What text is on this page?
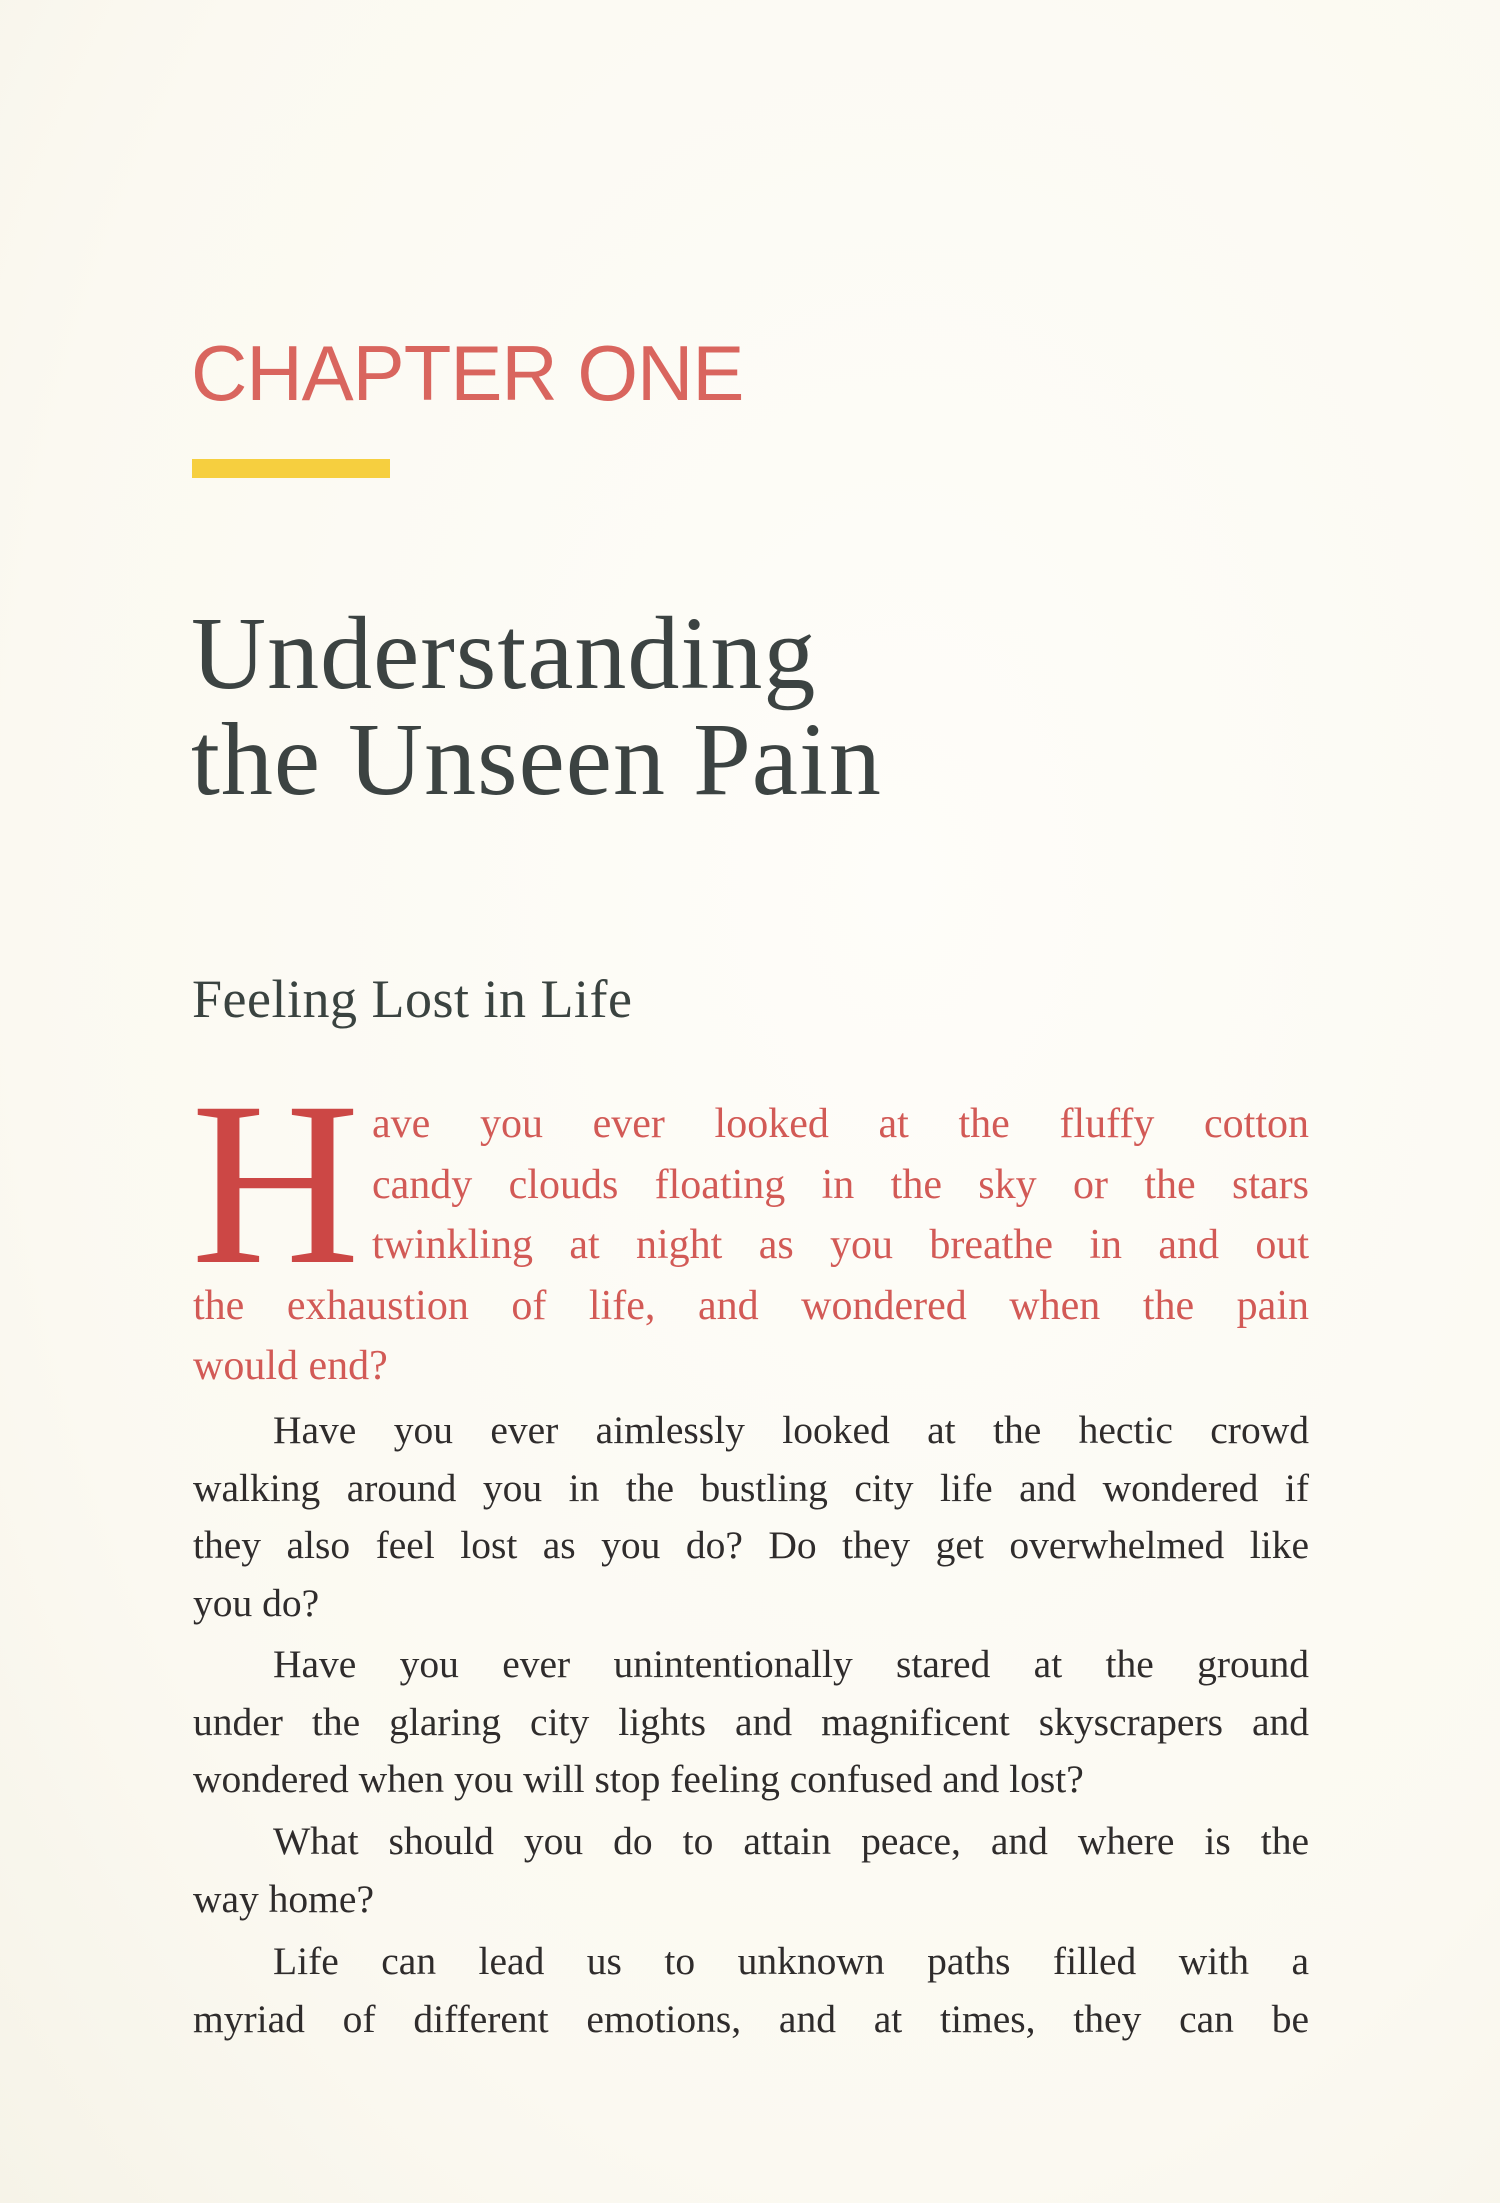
CHAPTER ONE
Understanding
the Unseen Pain
Feeling Lost in Life
H ave you ever looked at the fluffy cotton
candy clouds floating in the sky or the stars
twinkling at night as you breathe in and out
the exhaustion of life, and wondered when the pain
would end?
Have you ever aimlessly looked at the hectic crowd
walking around you in the bustling city life and wondered if
they also feel lost as you do? Do they get overwhelmed like
you do?
Have you ever unintentionally stared at the ground
under the glaring city lights and magnificent skyscrapers and
wondered when you will stop feeling confused and lost?
What should you do to attain peace, and where is the
way home?
Life can lead us to unknown paths filled with a
myriad of different emotions, and at times, they can be
